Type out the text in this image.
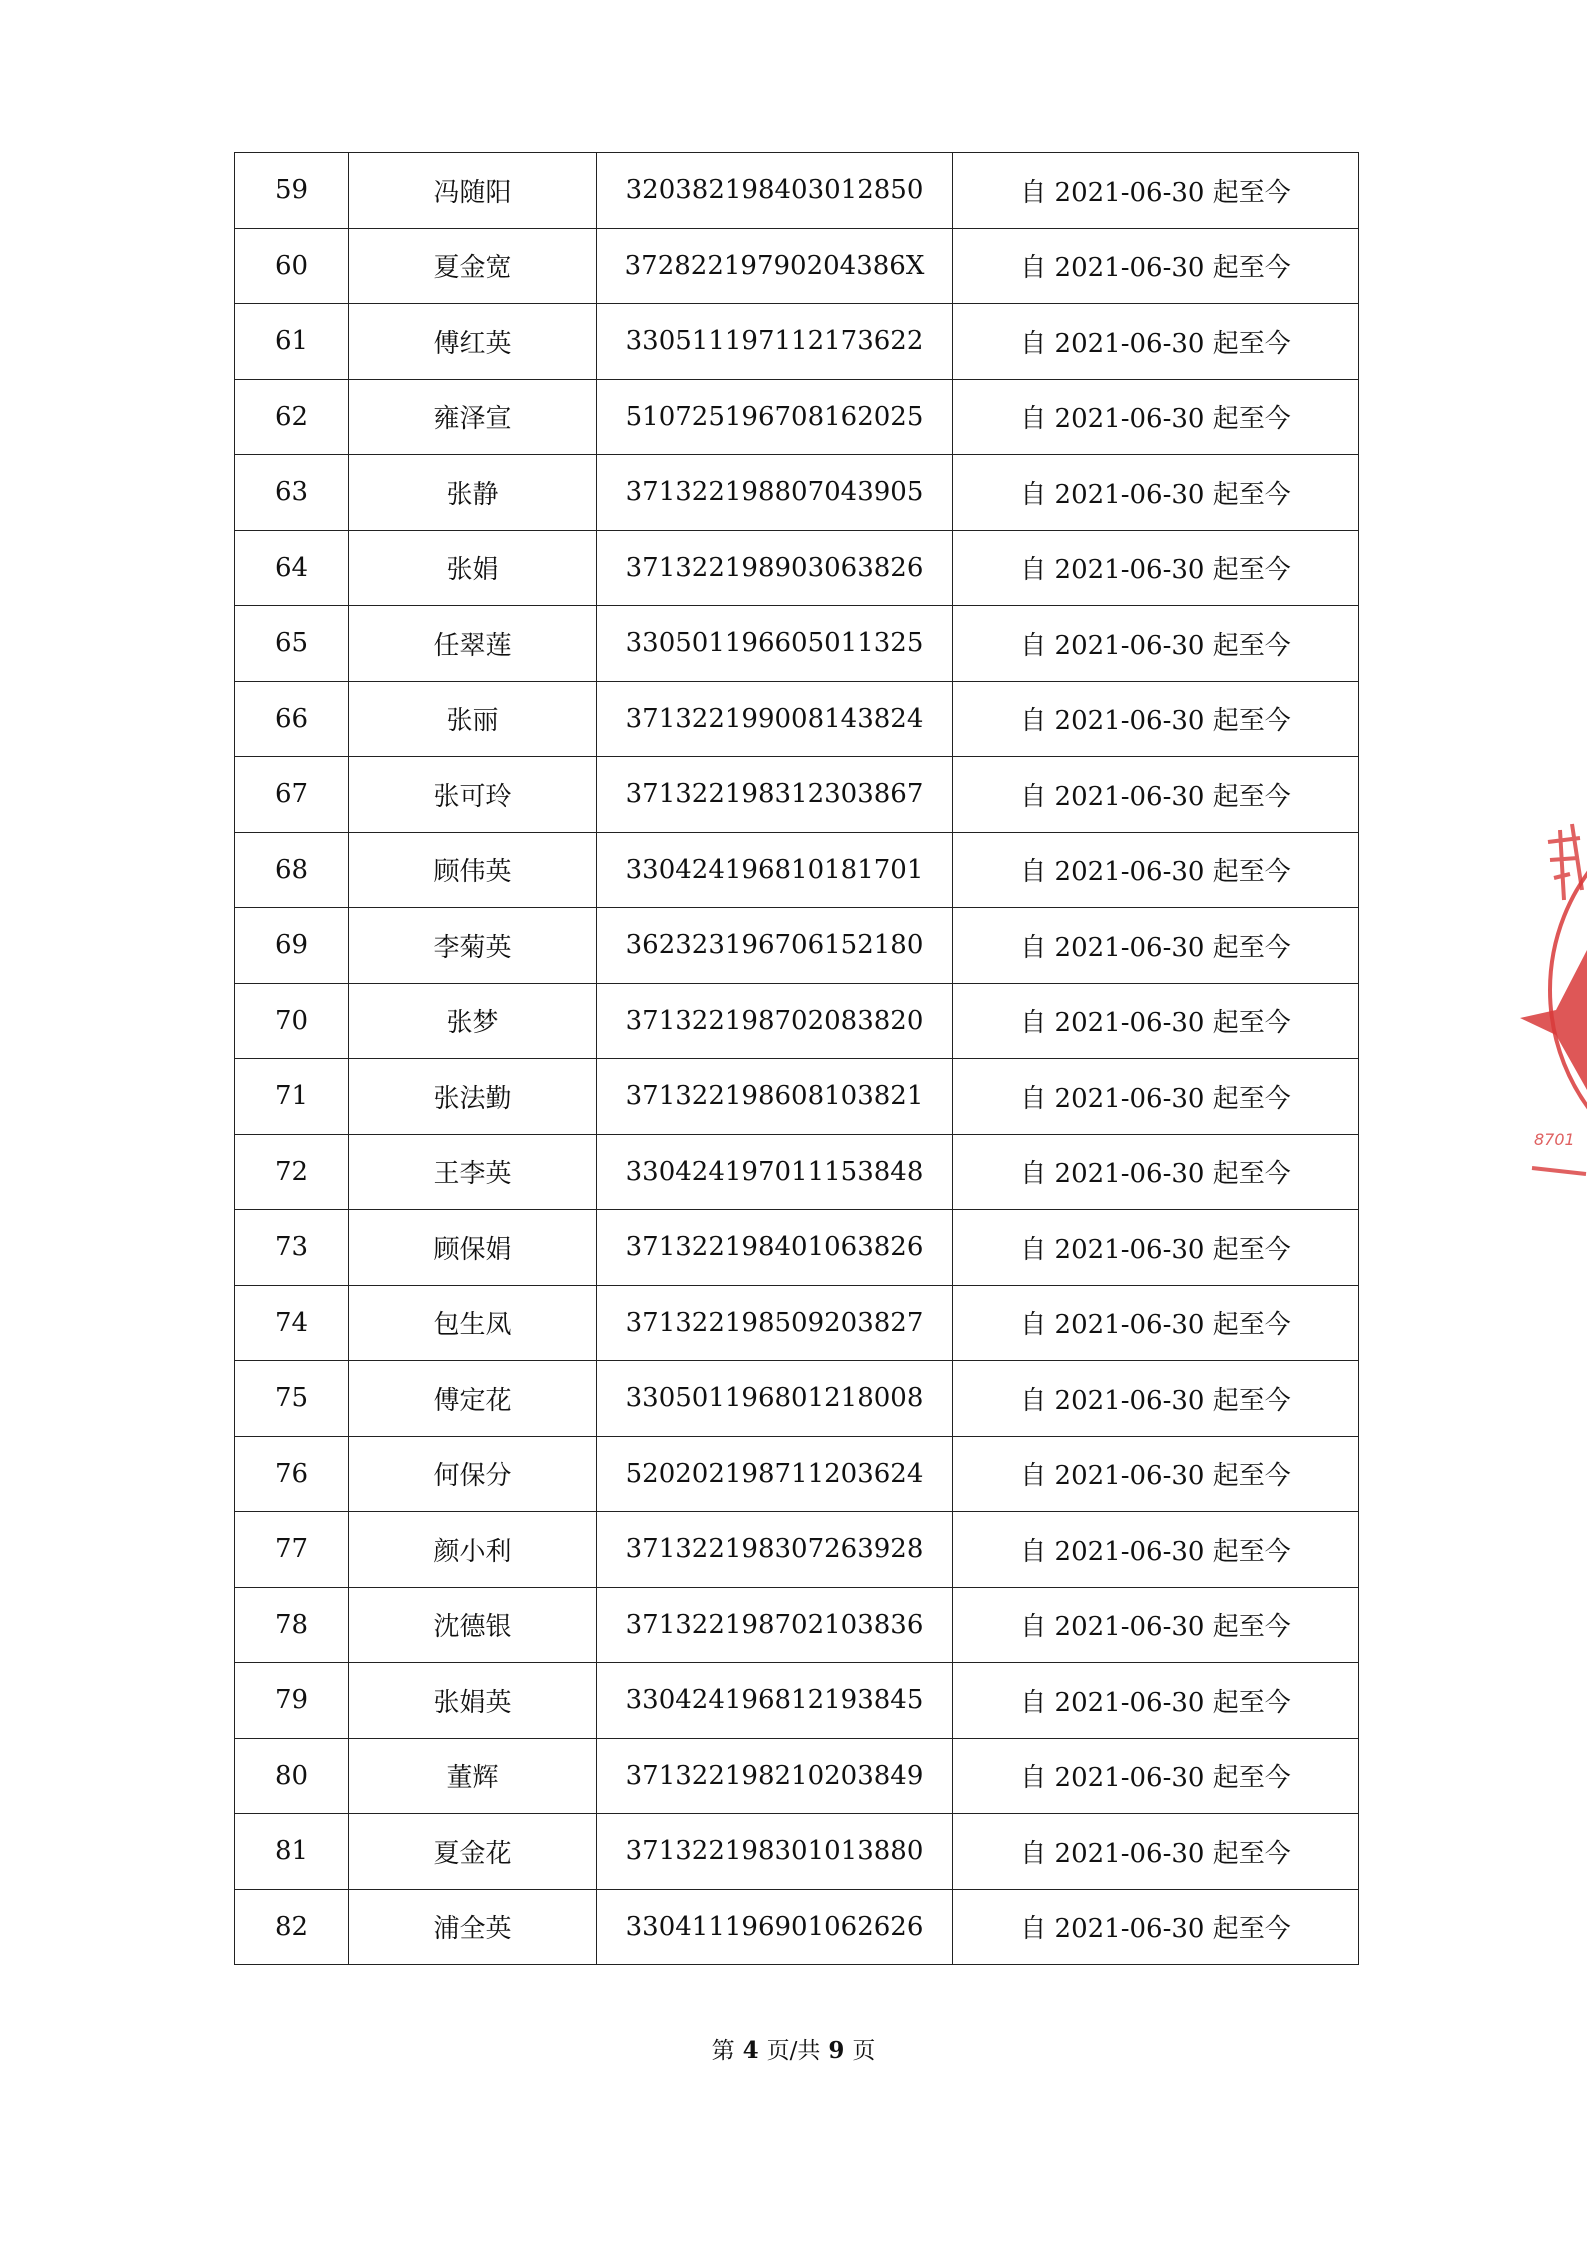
59	冯随阳	320382198403012850	自 2021-06-30 起至今
60	夏金宽	37282219790204386X	自 2021-06-30 起至今
61	傅红英	330511197112173622	自 2021-06-30 起至今
62	雍泽宣	510725196708162025	自 2021-06-30 起至今
63	张静	371322198807043905	自 2021-06-30 起至今
64	张娟	371322198903063826	自 2021-06-30 起至今
65	任翠莲	330501196605011325	自 2021-06-30 起至今
66	张丽	371322199008143824	自 2021-06-30 起至今
67	张可玲	371322198312303867	自 2021-06-30 起至今
68	顾伟英	330424196810181701	自 2021-06-30 起至今
69	李菊英	362323196706152180	自 2021-06-30 起至今
70	张梦	371322198702083820	自 2021-06-30 起至今
71	张法勤	371322198608103821	自 2021-06-30 起至今
72	王李英	330424197011153848	自 2021-06-30 起至今
73	顾保娟	371322198401063826	自 2021-06-30 起至今
74	包生凤	371322198509203827	自 2021-06-30 起至今
75	傅定花	330501196801218008	自 2021-06-30 起至今
76	何保分	520202198711203624	自 2021-06-30 起至今
77	颜小利	371322198307263928	自 2021-06-30 起至今
78	沈德银	371322198702103836	自 2021-06-30 起至今
79	张娟英	330424196812193845	自 2021-06-30 起至今
80	董辉	371322198210203849	自 2021-06-30 起至今
81	夏金花	371322198301013880	自 2021-06-30 起至今
82	浦全英	330411196901062626	自 2021-06-30 起至今
第 4 页/共 9 页
8701
